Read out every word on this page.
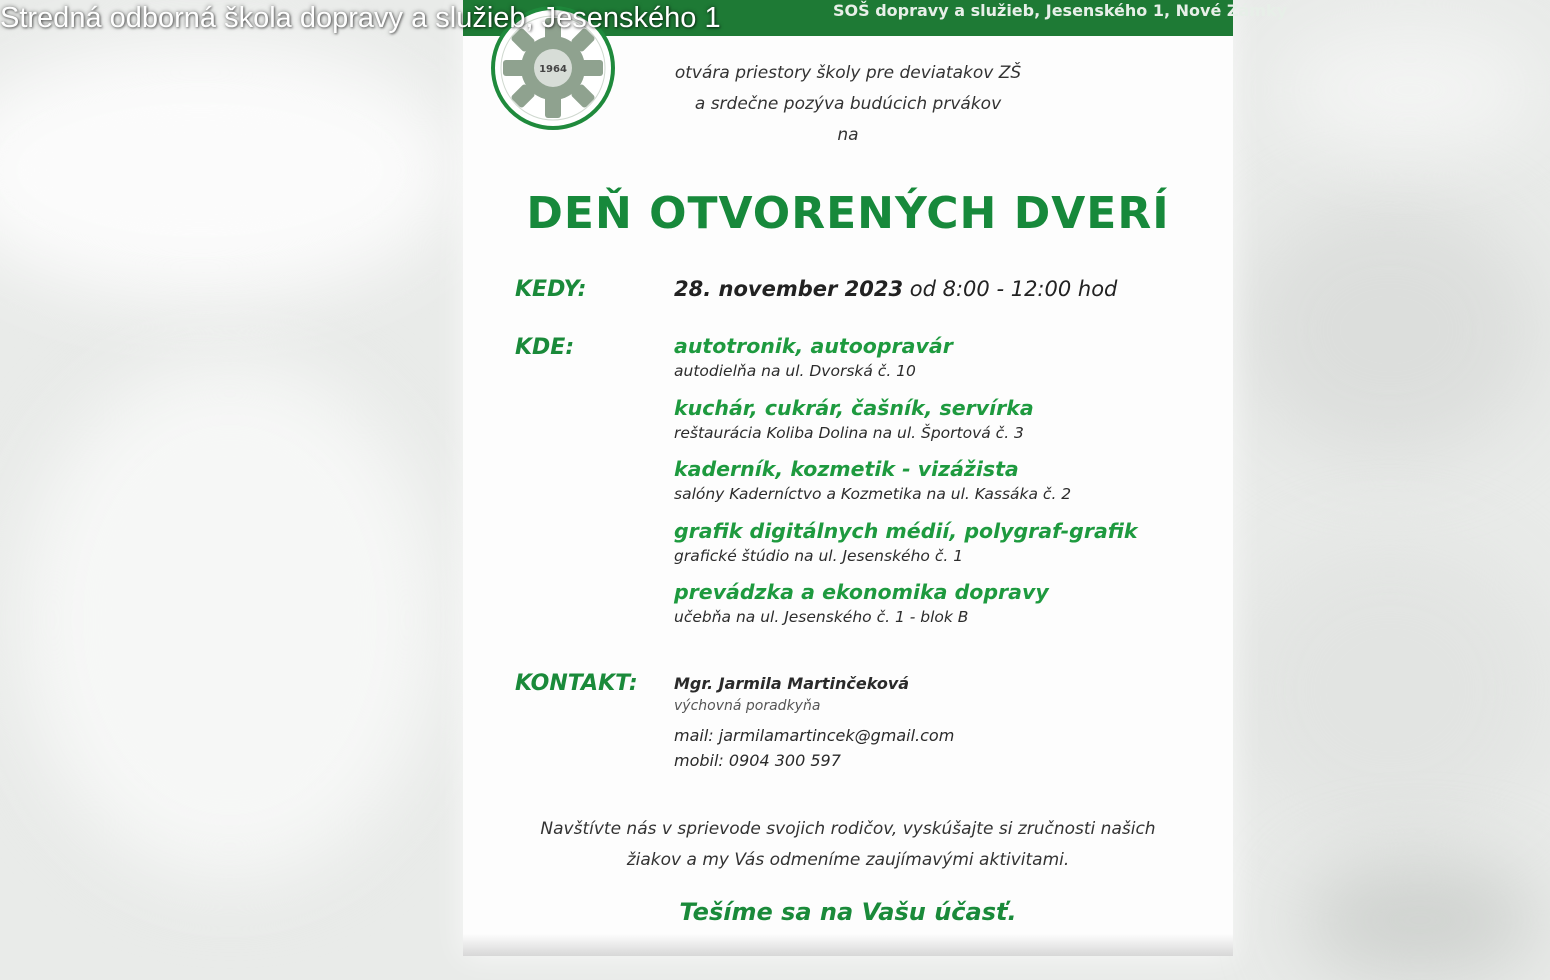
Stredná odborná škola dopravy a služieb, Jesenského 1	SOŠ dopravy a služieb, Jesenského 1, Nové Zámky
1964	otvára priestory školy pre deviatakov ZŠ
a srdečne pozýva budúcich prvákov
na
DEŇ OTVORENÝCH DVERÍ
KEDY:	28. november 2023 od 8:00 - 12:00 hod
KDE:	autotronik, autoopravár
autodielňa na ul. Dvorská č. 10
kuchár, cukrár, čašník, servírka
reštaurácia Koliba Dolina na ul. Športová č. 3
kaderník, kozmetik - vizážista
salóny Kaderníctvo a Kozmetika na ul. Kassáka č. 2
grafik digitálnych médií, polygraf-grafik
grafické štúdio na ul. Jesenského č. 1
prevádzka a ekonomika dopravy
učebňa na ul. Jesenského č. 1 - blok B
KONTAKT: Mgr. Jarmila Martinčeková
výchovná poradkyňa
mail: jarmilamartincek@gmail.com
mobil: 0904 300 597
Navštívte nás v sprievode svojich rodičov, vyskúšajte si zručnosti našich
žiakov a my Vás odmeníme zaujímavými aktivitami.
Tešíme sa na Vašu účasť.
